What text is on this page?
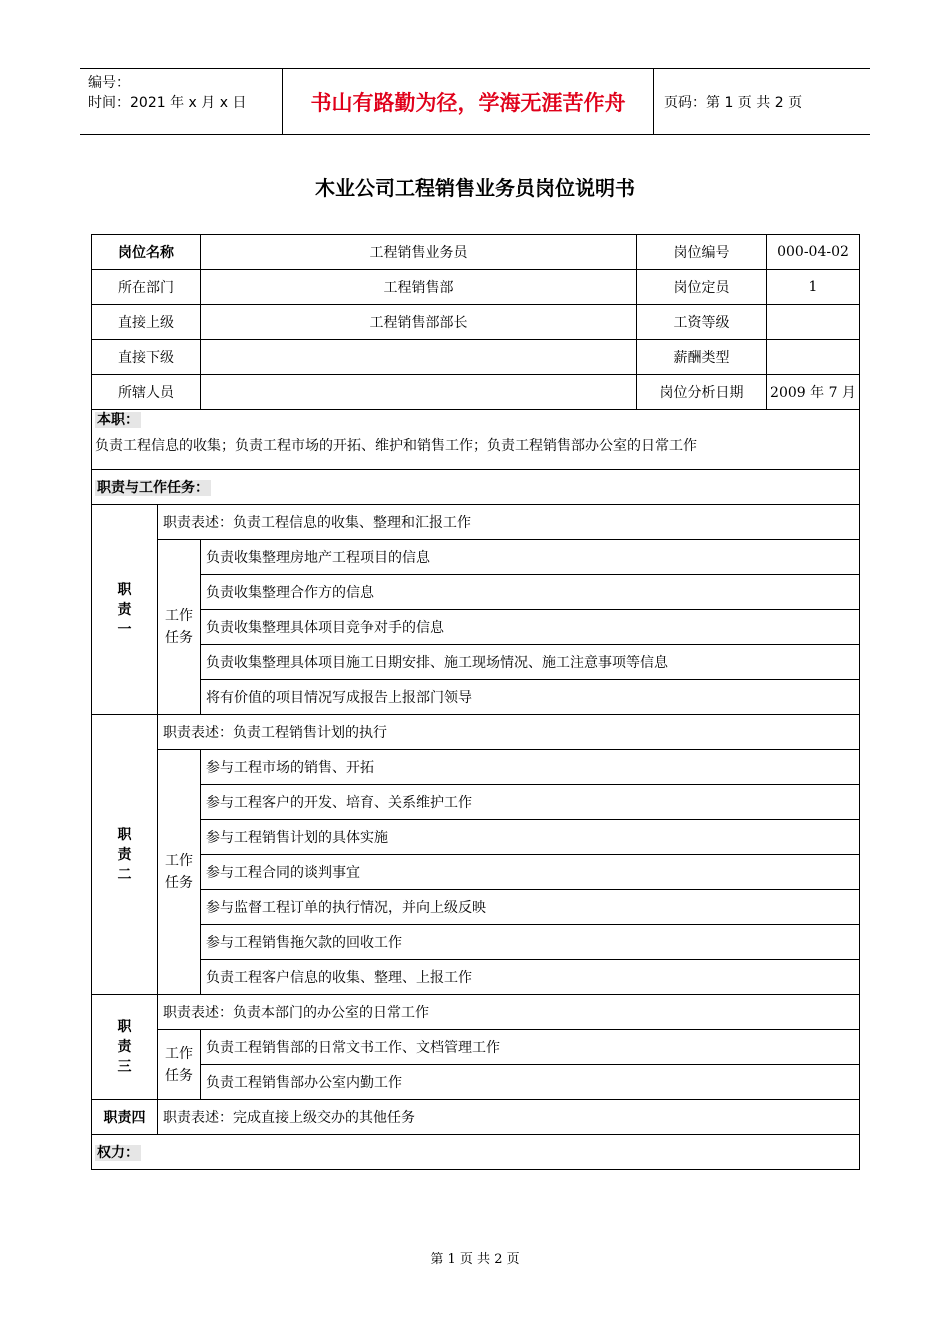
编号：
时间：2021 年 x 月 x 日	书山有路勤为径，学海无涯苦作舟	页码：第 1 页 共 2 页
木业公司工程销售业务员岗位说明书
岗位名称		工程销售业务员	岗位编号	000-04-02
所在部门		工程销售部	岗位定员	1
直接上级		工程销售部部长	工资等级	
直接下级			薪酬类型	
所辖人员			岗位分析日期	2009 年 7 月

本职：
负责工程信息的收集；负责工程市场的开拓、维护和销售工作；负责工程销售部办公室的日常工作				

职责与工作任务：				
职
责
一	职责表述：负责工程信息的收集、整理和汇报工作			
	工作
任务	负责收集整理房地产工程项目的信息		
		负责收集整理合作方的信息		
		负责收集整理具体项目竞争对手的信息		
		负责收集整理具体项目施工日期安排、施工现场情况、施工注意事项等信息		
		将有价值的项目情况写成报告上报部门领导		
职
责
二	职责表述：负责工程销售计划的执行			
	工作
任务	参与工程市场的销售、开拓		
		参与工程客户的开发、培育、关系维护工作		
		参与工程销售计划的具体实施		
		参与工程合同的谈判事宜		
		参与监督工程订单的执行情况，并向上级反映		
		参与工程销售拖欠款的回收工作		
		负责工程客户信息的收集、整理、上报工作		
职
责
三	职责表述：负责本部门的办公室的日常工作			
	工作
任务	负责工程销售部的日常文书工作、文档管理工作		
		负责工程销售部办公室内勤工作		
职责四	职责表述：完成直接上级交办的其他任务			
权力：				
第 1 页 共 2 页
